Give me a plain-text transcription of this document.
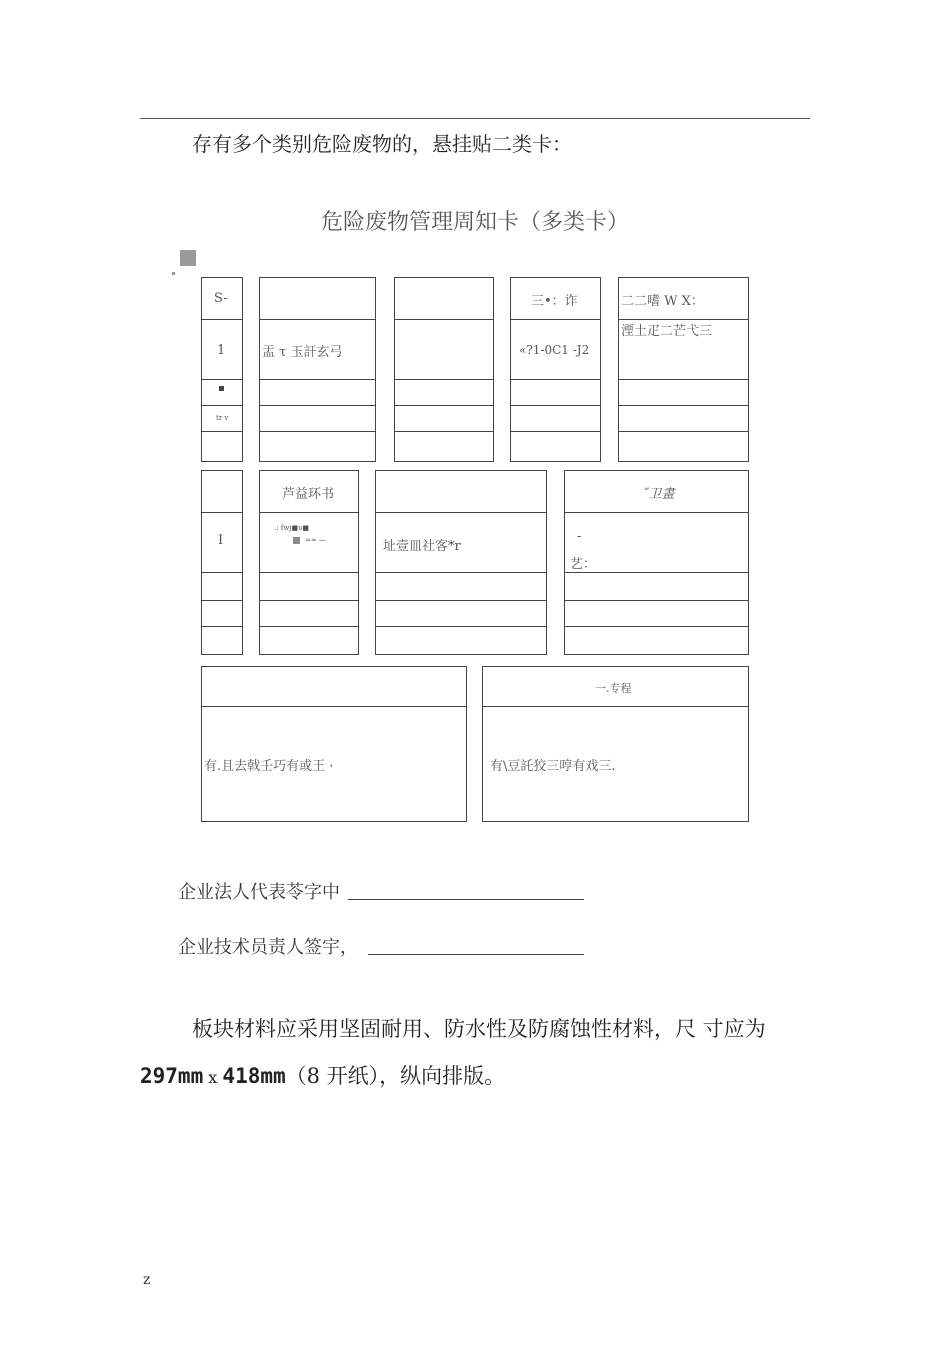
存有多个类别危险废物的，悬挂贴二类卡：
危险废物管理周知卡（多类卡）
S-
1
tr v
盂 τ 玉訐玄弓
三•：诈
«?1-0C1 -J2
二二嗜 W X：
湮土疋二芒弋三
I
芦益环书
.: fwj■υ■
≈≈ —	址壹皿社客*r
˝卫畫
-
艺：
有.且去戟壬巧有或王 ·
一.专程
有\豆託狡三哼有戏三.
企业法人代表苓字中
企业技术员责人签宇，
板块材料应采用坚固耐用、防水性及防腐蚀性材料，尺 寸应为
297mm x 418mm（8 开纸），纵向排版。
z
